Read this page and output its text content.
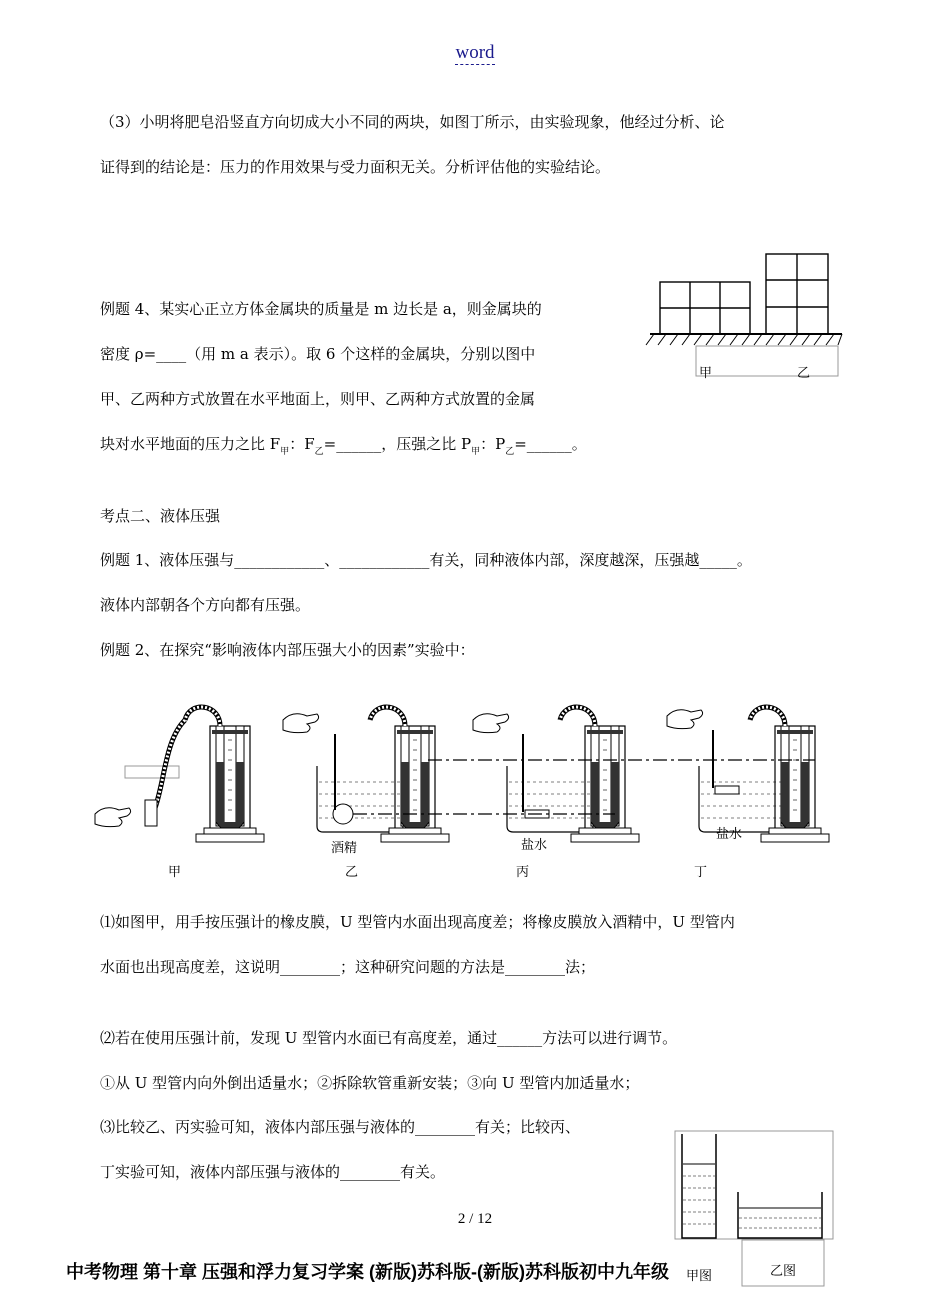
word
（3）小明将肥皂沿竖直方向切成大小不同的两块，如图丁所示，由实验现象，他经过分析、论
证得到的结论是：压力的作用效果与受力面积无关。分析评估他的实验结论。
例题 4、某实心正立方体金属块的质量是 m 边长是 a，则金属块的
密度 ρ=____（用 m a 表示）。取 6 个这样的金属块，分别以图中
甲、乙两种方式放置在水平地面上，则甲、乙两种方式放置的金属
块对水平地面的压力之比 $F_甲$：$F_乙=\_\_\_\_\_\_$，压强之比 $P_甲$：$P_乙=\_\_\_\_\_\_$。
甲	乙
考点二、液体压强
例题 1、液体压强与____________、____________有关，同种液体内部，深度越深，压强越_____。
液体内部朝各个方向都有压强。
例题 2、在探究“影响液体内部压强大小的因素”实验中：
酒精	盐水
盐水
甲	乙	丙	丁
⑴如图甲，用手按压强计的橡皮膜，U 型管内水面出现高度差；将橡皮膜放入酒精中，U 型管内
水面也出现高度差，这说明________；这种研究问题的方法是________法；
⑵若在使用压强计前，发现 U 型管内水面已有高度差，通过______方法可以进行调节。
①从 U 型管内向外倒出适量水；②拆除软管重新安装；③向 U 型管内加适量水；
⑶比较乙、丙实验可知，液体内部压强与液体的________有关；比较丙、
丁实验可知，液体内部压强与液体的________有关。
甲图	乙图
2 / 12
中考物理 第十章 压强和浮力复习学案 (新版)苏科版-(新版)苏科版初中九年级
